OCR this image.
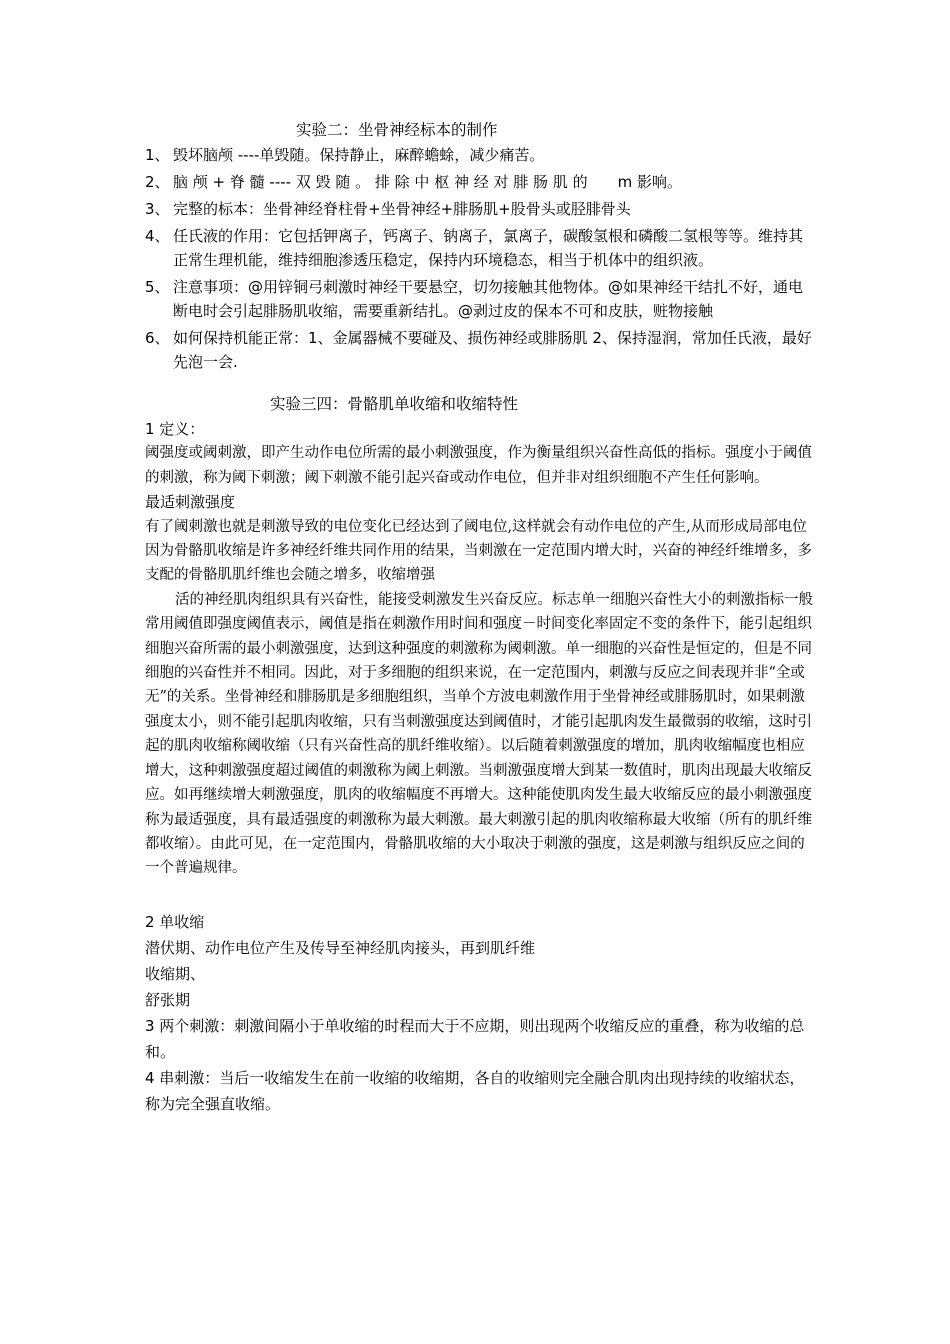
实验二：坐骨神经标本的制作
1、 毁坏脑颅 ----单毁随。保持静止，麻醉蟾蜍，减少痛苦。
2、 脑 颅 + 脊 髓 ---- 双 毁 随 。 排 除 中 枢 神 经 对 腓 肠 肌 的　　m 影响。
3、 完整的标本：坐骨神经脊柱骨+坐骨神经+腓肠肌+股骨头或胫腓骨头
4、 任氏液的作用：它包括钾离子，钙离子、钠离子，氯离子，碳酸氢根和磷酸二氢根等等。维持其正常生理机能，维持细胞渗透压稳定，保持内环境稳态，相当于机体中的组织液。
5、 注意事项：@用锌铜弓刺激时神经干要悬空，切勿接触其他物体。@如果神经干结扎不好，通电断电时会引起腓肠肌收缩，需要重新结扎。@剥过皮的保本不可和皮肤，赃物接触
6、 如何保持机能正常：1、金属器械不要碰及、损伤神经或腓肠肌 2、保持湿润，常加任氏液，最好先泡一会.
实验三四：骨骼肌单收缩和收缩特性

1 定义：

阈强度或阈刺激，即产生动作电位所需的最小刺激强度，作为衡量组织兴奋性高低的指标。强度小于阈值的刺激，称为阈下刺激；阈下刺激不能引起兴奋或动作电位，但并非对组织细胞不产生任何影响。

最适刺激强度

有了阈刺激也就是刺激导致的电位变化已经达到了阈电位,这样就会有动作电位的产生,从而形成局部电位

因为骨骼肌收缩是许多神经纤维共同作用的结果，当刺激在一定范围内增大时，兴奋的神经纤维增多，多支配的骨骼肌肌纤维也会随之增多，收缩增强

活的神经肌肉组织具有兴奋性，能接受刺激发生兴奋反应。标志单一细胞兴奋性大小的刺激指标一般常用阈值即强度阈值表示，阈值是指在刺激作用时间和强度－时间变化率固定不变的条件下，能引起组织细胞兴奋所需的最小刺激强度，达到这种强度的刺激称为阈刺激。单一细胞的兴奋性是恒定的，但是不同细胞的兴奋性并不相同。因此，对于多细胞的组织来说，在一定范围内，刺激与反应之间表现并非“全或无”的关系。坐骨神经和腓肠肌是多细胞组织，当单个方波电刺激作用于坐骨神经或腓肠肌时，如果刺激强度太小，则不能引起肌肉收缩，只有当刺激强度达到阈值时，才能引起肌肉发生最微弱的收缩，这时引起的肌肉收缩称阈收缩（只有兴奋性高的肌纤维收缩）。以后随着刺激强度的增加，肌肉收缩幅度也相应增大，这种刺激强度超过阈值的刺激称为阈上刺激。当刺激强度增大到某一数值时，肌肉出现最大收缩反应。如再继续增大刺激强度，肌肉的收缩幅度不再增大。这种能使肌肉发生最大收缩反应的最小刺激强度称为最适强度，具有最适强度的刺激称为最大刺激。最大刺激引起的肌肉收缩称最大收缩（所有的肌纤维都收缩）。由此可见，在一定范围内，骨骼肌收缩的大小取决于刺激的强度，这是刺激与组织反应之间的一个普遍规律。

2 单收缩

潜伏期、动作电位产生及传导至神经肌肉接头，再到肌纤维

收缩期、

舒张期

3 两个刺激：刺激间隔小于单收缩的时程而大于不应期，则出现两个收缩反应的重叠，称为收缩的总和。

4 串刺激：当后一收缩发生在前一收缩的收缩期，各自的收缩则完全融合肌肉出现持续的收缩状态，称为完全强直收缩。
